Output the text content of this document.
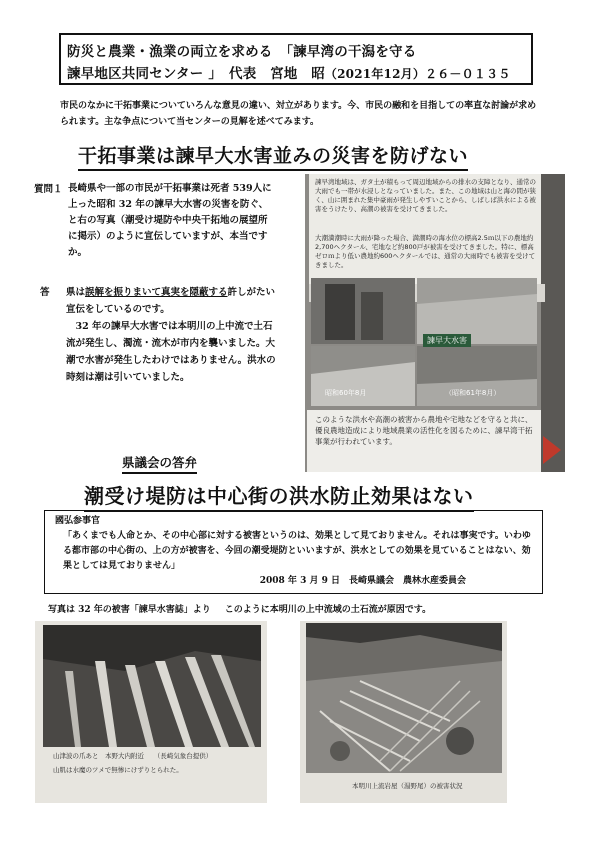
防災と農業・漁業の両立を求める　「諫早湾の干潟を守る
諫早地区共同センター 」　代表　宮地　昭（2021年12月）２６－０１３５
市民のなかに干拓事業についていろんな意見の違い、対立があります。今、市民の融和を目指しての率直な討論が求められます。主な争点について当センターの見解を述べてみます。
干拓事業は諫早大水害並みの災害を防げない
質問１ 長崎県や一部の市民が干拓事業は死者 539人に上った昭和 32 年の諫早大水害の災害を防ぐ、と右の写真（潮受け堤防や中央干拓地の展望所に掲示）のように宣伝していますが、本当ですか。
答 県は誤解を振りまいて真実を隠蔽する許しがたい宣伝をしているのです。

32 年の諫早大水害では本明川の上中流で土石流が発生し、濁流・流木が市内を襲いました。大潮で水害が発生したわけではありません。洪水の時刻は潮は引いていました。

諫早湾地域は、ガタ土が積もって周辺地域からの排水の支障となり、通常の大雨でも一帯が水浸しとなっていました。また、この地域は山と海の間が狭く、山に囲まれた集中豪雨が発生しやすいことから、しばしば洪水による被害をうけたり、高潮の被害を受けてきました。
大潮満潮時に大雨が降った場合、満潮時の海水位の標高2.5ｍ以下の農地約2,700ヘクタール、宅地など約800戸が被害を受けてきました。特に、標高ゼロｍより低い農地約600ヘクタールでは、通常の大雨時でも被害を受けてきました。
諫早大水害
昭和60年8月	（昭和61年8月）
このような洪水や高潮の被害から農地や宅地などを守ると共に、優良農地造成により地域農業の活性化を図るために、諫早湾干拓事業が行われています。
県議会の答弁
潮受け堤防は中心街の洪水防止効果はない

國弘参事官

「あくまでも人命とか、その中心部に対する被害というのは、効果として見ておりません。それは事実です。いわゆる都市部の中心街の、上の方が被害を、今回の潮受堤防といいますが、洪水としての効果を見ていることはない、効果としては見ておりません」

2008 年 3 月 9 日　長崎県議会　農林水産委員会

写真は 32 年の被害「諫早水害誌」より このように本明川の上中流域の土石流が原因です。
山津波の爪あと　本野大内附近　　（長崎気象台提供）
山肌は水魔のツメで無惨にけずりとられた。
本明川上流岩屋（湯野尾）の被害状況
